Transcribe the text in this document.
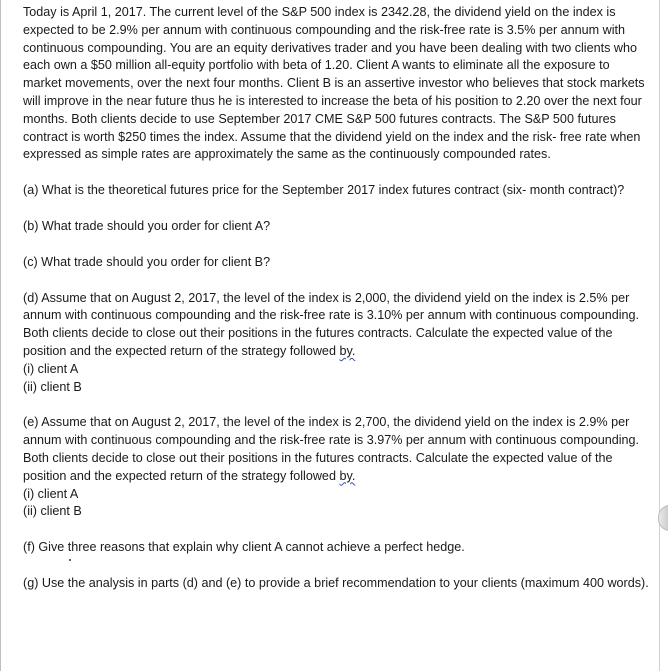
Today is April 1, 2017. The current level of the S&P 500 index is 2342.28, the dividend yield on the index is expected to be 2.9% per annum with continuous compounding and the risk-free rate is 3.5% per annum with continuous compounding. You are an equity derivatives trader and you have been dealing with two clients who each own a $50 million all-equity portfolio with beta of 1.20. Client A wants to eliminate all the exposure to market movements, over the next four months. Client B is an assertive investor who believes that stock markets will improve in the near future thus he is interested to increase the beta of his position to 2.20 over the next four months. Both clients decide to use September 2017 CME S&P 500 futures contracts. The S&P 500 futures contract is worth $250 times the index. Assume that the dividend yield on the index and the risk- free rate when expressed as simple rates are approximately the same as the continuously compounded rates.

(a) What is the theoretical futures price for the September 2017 index futures contract (six- month contract)?

(b) What trade should you order for client A?

(c) What trade should you order for client B?

(d) Assume that on August 2, 2017, the level of the index is 2,000, the dividend yield on the index is 2.5% per annum with continuous compounding and the risk-free rate is 3.10% per annum with continuous compounding. Both clients decide to close out their positions in the futures contracts. Calculate the expected value of the position and the expected return of the strategy followed by.

(i) client A

(ii) client B

(e) Assume that on August 2, 2017, the level of the index is 2,700, the dividend yield on the index is 2.9% per annum with continuous compounding and the risk-free rate is 3.97% per annum with continuous compounding. Both clients decide to close out their positions in the futures contracts. Calculate the expected value of the position and the expected return of the strategy followed by.

(i) client A

(ii) client B

(f) Give three reasons that explain why client A cannot achieve a perfect hedge.

(g) Use the analysis in parts (d) and (e) to provide a brief recommendation to your clients (maximum 400 words).
